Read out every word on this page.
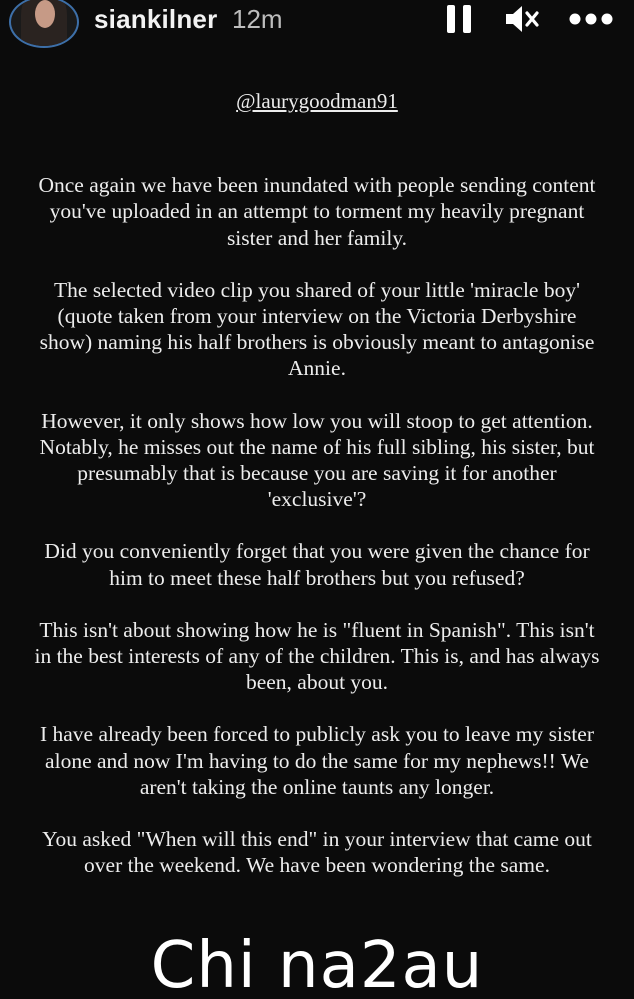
siankilner 12m
@laurygoodman91

Once again we have been inundated with people sending content you've uploaded in an attempt to torment my heavily pregnant sister and her family.

The selected video clip you shared of your little 'miracle boy' (quote taken from your interview on the Victoria Derbyshire show) naming his half brothers is obviously meant to antagonise Annie.

However, it only shows how low you will stoop to get attention. Notably, he misses out the name of his full sibling, his sister, but presumably that is because you are saving it for another 'exclusive'?

Did you conveniently forget that you were given the chance for him to meet these half brothers but you refused?

This isn't about showing how he is "fluent in Spanish". This isn't in the best interests of any of the children. This is, and has always been, about you.

I have already been forced to publicly ask you to leave my sister alone and now I'm having to do the same for my nephews!! We aren't taking the online taunts any longer.

You asked "When will this end" in your interview that came out over the weekend. We have been wondering the same.

Chi na2au
